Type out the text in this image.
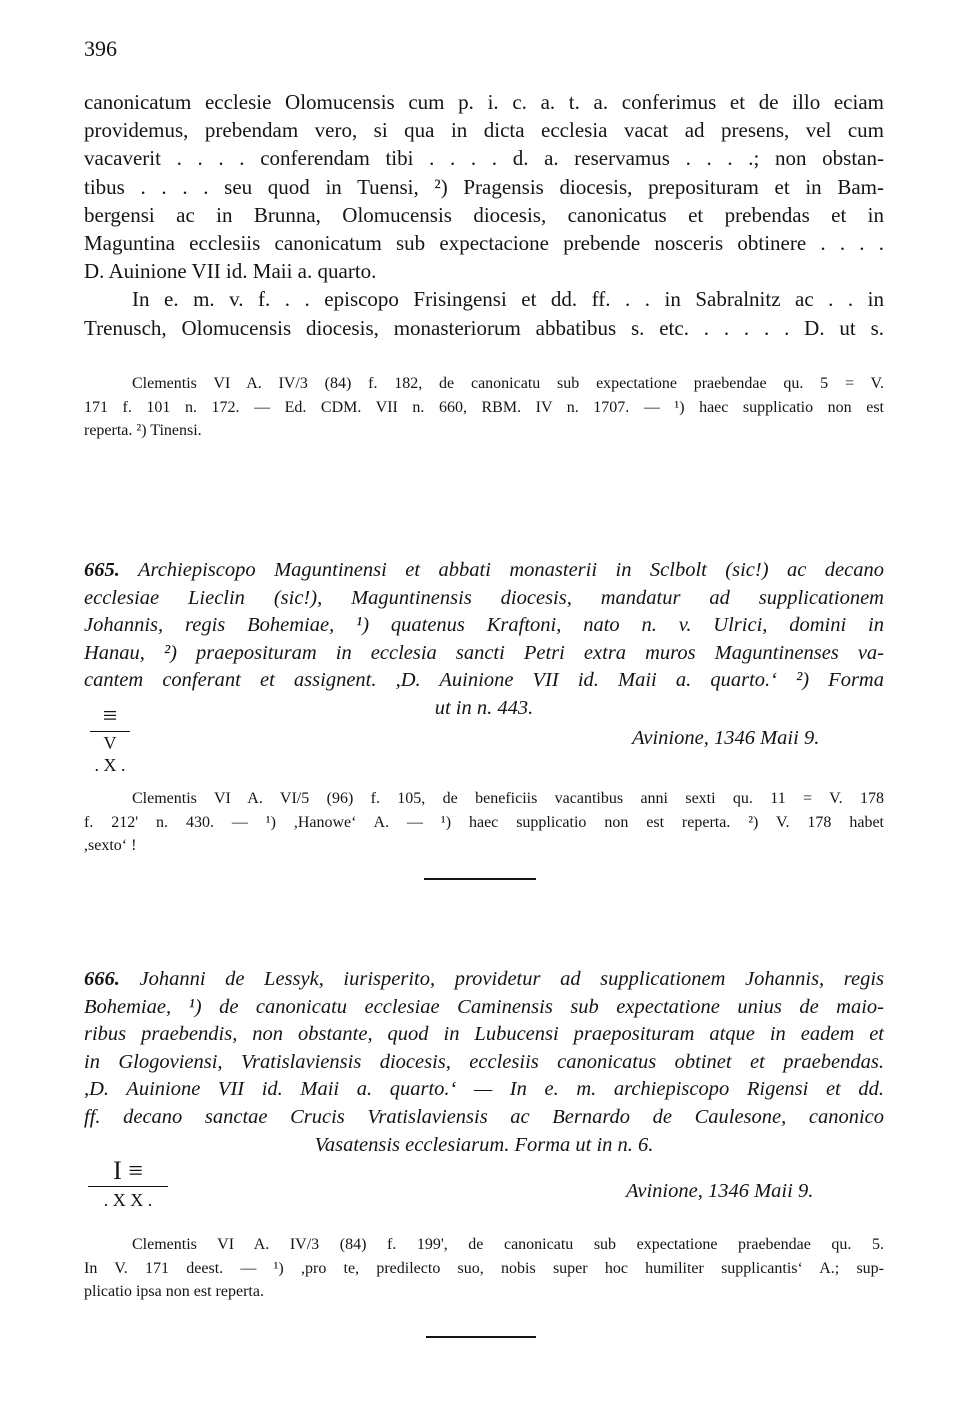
396
canonicatum ecclesie Olomucensis cum p. i. c. a. t. a. conferimus et de illo eciam
providemus, prebendam vero, si qua in dicta ecclesia vacat ad presens, vel cum
vacaverit . . . . conferendam tibi . . . . d. a. reservamus . . . .; non obstan-
tibus . . . . seu quod in Tuensi, ²) Pragensis diocesis, preposituram et in Bam-
bergensi ac in Brunna, Olomucensis diocesis, canonicatus et prebendas et in
Maguntina ecclesiis canonicatum sub expectacione prebende nosceris obtinere . . . .
D. Auinione VII id. Maii a. quarto.
In e. m. v. f. . . episcopo Frisingensi et dd. ff. . . in Sabralnitz ac . . in
Trenusch, Olomucensis diocesis, monasteriorum abbatibus s. etc. . . . . . D. ut s.
Clementis VI A. IV/3 (84) f. 182, de canonicatu sub expectatione praebendae qu. 5 = V.
171 f. 101 n. 172. — Ed. CDM. VII n. 660, RBM. IV n. 1707. — ¹) haec supplicatio non est
reperta. ²) Tinensi.
665. Archiepiscopo Maguntinensi et abbati monasterii in Sclbolt (sic!) ac decano
ecclesiae Lieclin (sic!), Maguntinensis diocesis, mandatur ad supplicationem
Johannis, regis Bohemiae, ¹) quatenus Kraftoni, nato n. v. Ulrici, domini in
Hanau, ²) praeposituram in ecclesia sancti Petri extra muros Maguntinenses va-
cantem conferant et assignent. ,D. Auinione VII id. Maii a. quarto.‘ ²) Forma
ut in n. 443.
≡
V
. X .
Avinione, 1346 Maii 9.
Clementis VI A. VI/5 (96) f. 105, de beneficiis vacantibus anni sexti qu. 11 = V. 178
f. 212' n. 430. — ¹) ,Hanowe‘ A. — ¹) haec supplicatio non est reperta. ²) V. 178 habet
,sexto‘ !
666. Johanni de Lessyk, iurisperito, providetur ad supplicationem Johannis, regis
Bohemiae, ¹) de canonicatu ecclesiae Caminensis sub expectatione unius de maio-
ribus praebendis, non obstante, quod in Lubucensi praeposituram atque in eadem et
in Glogoviensi, Vratislaviensis diocesis, ecclesiis canonicatus obtinet et praebendas.
,D. Auinione VII id. Maii a. quarto.‘ — In e. m. archiepiscopo Rigensi et dd.
ff. decano sanctae Crucis Vratislaviensis ac Bernardo de Caulesone, canonico
Vasatensis ecclesiarum. Forma ut in n. 6.
I ≡
. X X .	Avinione, 1346 Maii 9.
Clementis VI A. IV/3 (84) f. 199', de canonicatu sub expectatione praebendae qu. 5.
In V. 171 deest. — ¹) ,pro te, predilecto suo, nobis super hoc humiliter supplicantis‘ A.; sup-
plicatio ipsa non est reperta.
